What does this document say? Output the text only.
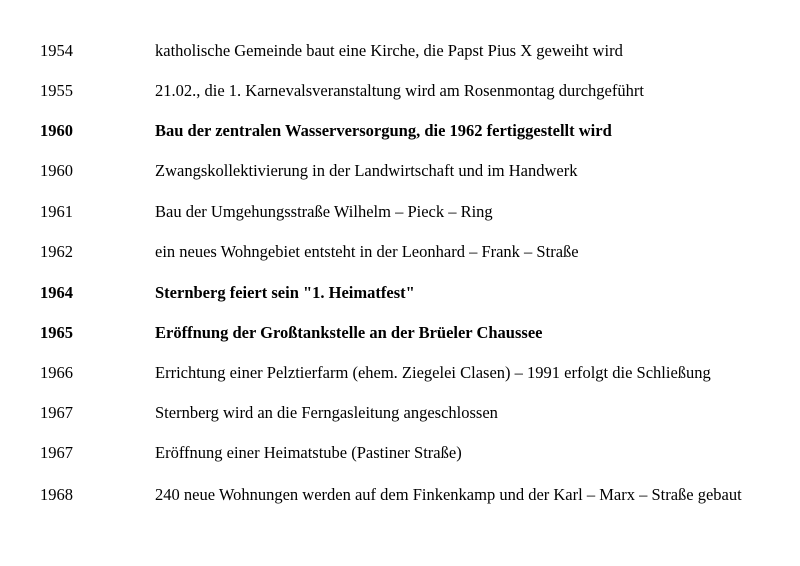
1954	katholische Gemeinde baut eine Kirche, die Papst Pius X geweiht wird
1955	21.02., die 1. Karnevalsveranstaltung wird am Rosenmontag durchgeführt
1960	Bau der zentralen Wasserversorgung, die 1962 fertiggestellt wird
1960	Zwangskollektivierung in der Landwirtschaft und im Handwerk
1961	Bau der Umgehungsstraße Wilhelm – Pieck – Ring
1962	ein neues Wohngebiet entsteht in der Leonhard – Frank – Straße
1964	Sternberg feiert sein "1. Heimatfest"
1965	Eröffnung der Großtankstelle an der Brüeler Chaussee
1966	Errichtung einer Pelztierfarm (ehem. Ziegelei Clasen) – 1991 erfolgt die Schließung
1967	Sternberg wird an die Ferngasleitung angeschlossen
1967	Eröffnung einer Heimatstube (Pastiner Straße)
1968	240 neue Wohnungen werden auf dem Finkenkamp und der Karl – Marx – Straße gebaut
